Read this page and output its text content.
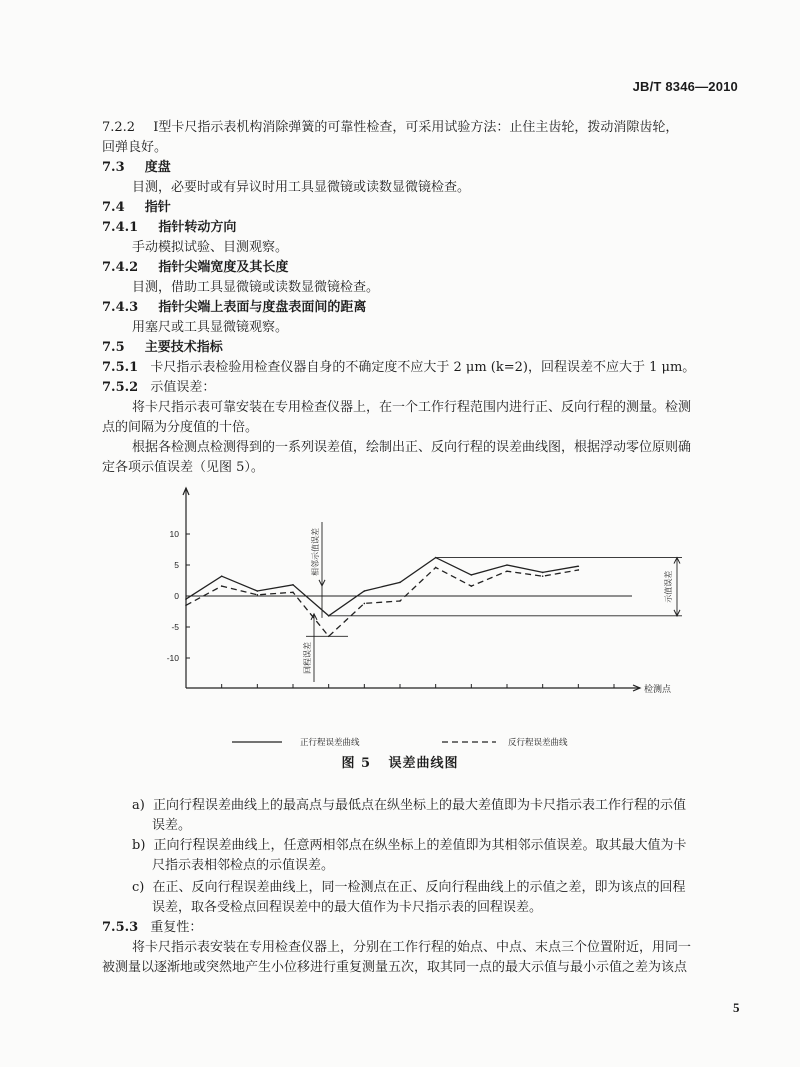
JB/T 8346—2010
7.2.2 Ⅰ型卡尺指示表机构消除弹簧的可靠性检查，可采用试验方法：止住主齿轮，拨动消隙齿轮，
回弹良好。
7.3 度盘
目测，必要时或有异议时用工具显微镜或读数显微镜检查。
7.4 指针
7.4.1 指针转动方向
手动模拟试验、目测观察。
7.4.2 指针尖端宽度及其长度
目测，借助工具显微镜或读数显微镜检查。
7.4.3 指针尖端上表面与度盘表面间的距离
用塞尺或工具显微镜观察。
7.5 主要技术指标
7.5.1 卡尺指示表检验用检查仪器自身的不确定度不应大于 2 μm (k=2)，回程误差不应大于 1 μm。
7.5.2 示值误差：
将卡尺指示表可靠安装在专用检查仪器上，在一个工作行程范围内进行正、反向行程的测量。检测
点的间隔为分度值的十倍。
根据各检测点检测得到的一系列误差值，绘制出正、反向行程的误差曲线图，根据浮动零位原则确
定各项示值误差（见图 5）。
10
5
0
-5
-10
检测点
示值误差
相邻示值误差
回程误差
正行程误差曲线	反行程误差曲线
图 5 误差曲线图
a) 正向行程误差曲线上的最高点与最低点在纵坐标上的最大差值即为卡尺指示表工作行程的示值
误差。
b) 正向行程误差曲线上，任意两相邻点在纵坐标上的差值即为其相邻示值误差。取其最大值为卡
尺指示表相邻检点的示值误差。
c) 在正、反向行程误差曲线上，同一检测点在正、反向行程曲线上的示值之差，即为该点的回程
误差，取各受检点回程误差中的最大值作为卡尺指示表的回程误差。
7.5.3 重复性：
将卡尺指示表安装在专用检查仪器上，分别在工作行程的始点、中点、末点三个位置附近，用同一
被测量以逐渐地或突然地产生小位移进行重复测量五次，取其同一点的最大示值与最小示值之差为该点
5
